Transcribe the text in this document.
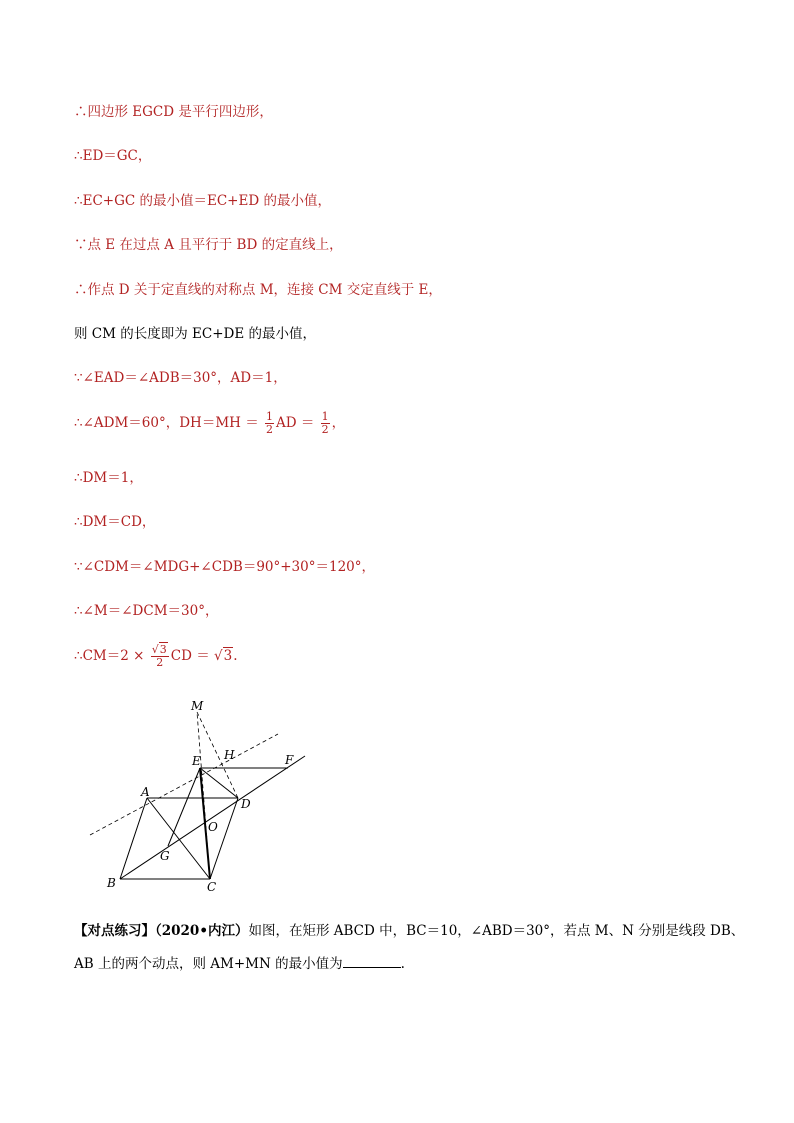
∴四边形 EGCD 是平行四边形，
∴ED＝GC，
∴EC+GC 的最小值＝EC+ED 的最小值，
∵点 E 在过点 A 且平行于 BD 的定直线上，
∴作点 D 关于定直线的对称点 M，连接 CM 交定直线于 E，
则 CM 的长度即为 EC+DE 的最小值，
∵∠EAD＝∠ADB＝30°，AD＝1，
∴∠ADM＝60°，$DH=MH = \frac{1}{2}$ AD ＝ $\frac{1}{2}$ ，
∴DM＝1，
∴DM＝CD，
∵∠CDM＝∠MDG+∠CDB＝90°+30°＝120°，
∴∠M＝∠DCM＝30°，
∴CM＝2 × $\frac{√3}{2}$ CD ＝ √3.
M
E H	F
A
D
O
G
B	C
【对点练习】（2020•内江）如图，在矩形 ABCD 中，BC＝10，∠ABD＝30°，若点 M、N 分别是线段 DB、
AB 上的两个动点，则 AM+MN 的最小值为	.
